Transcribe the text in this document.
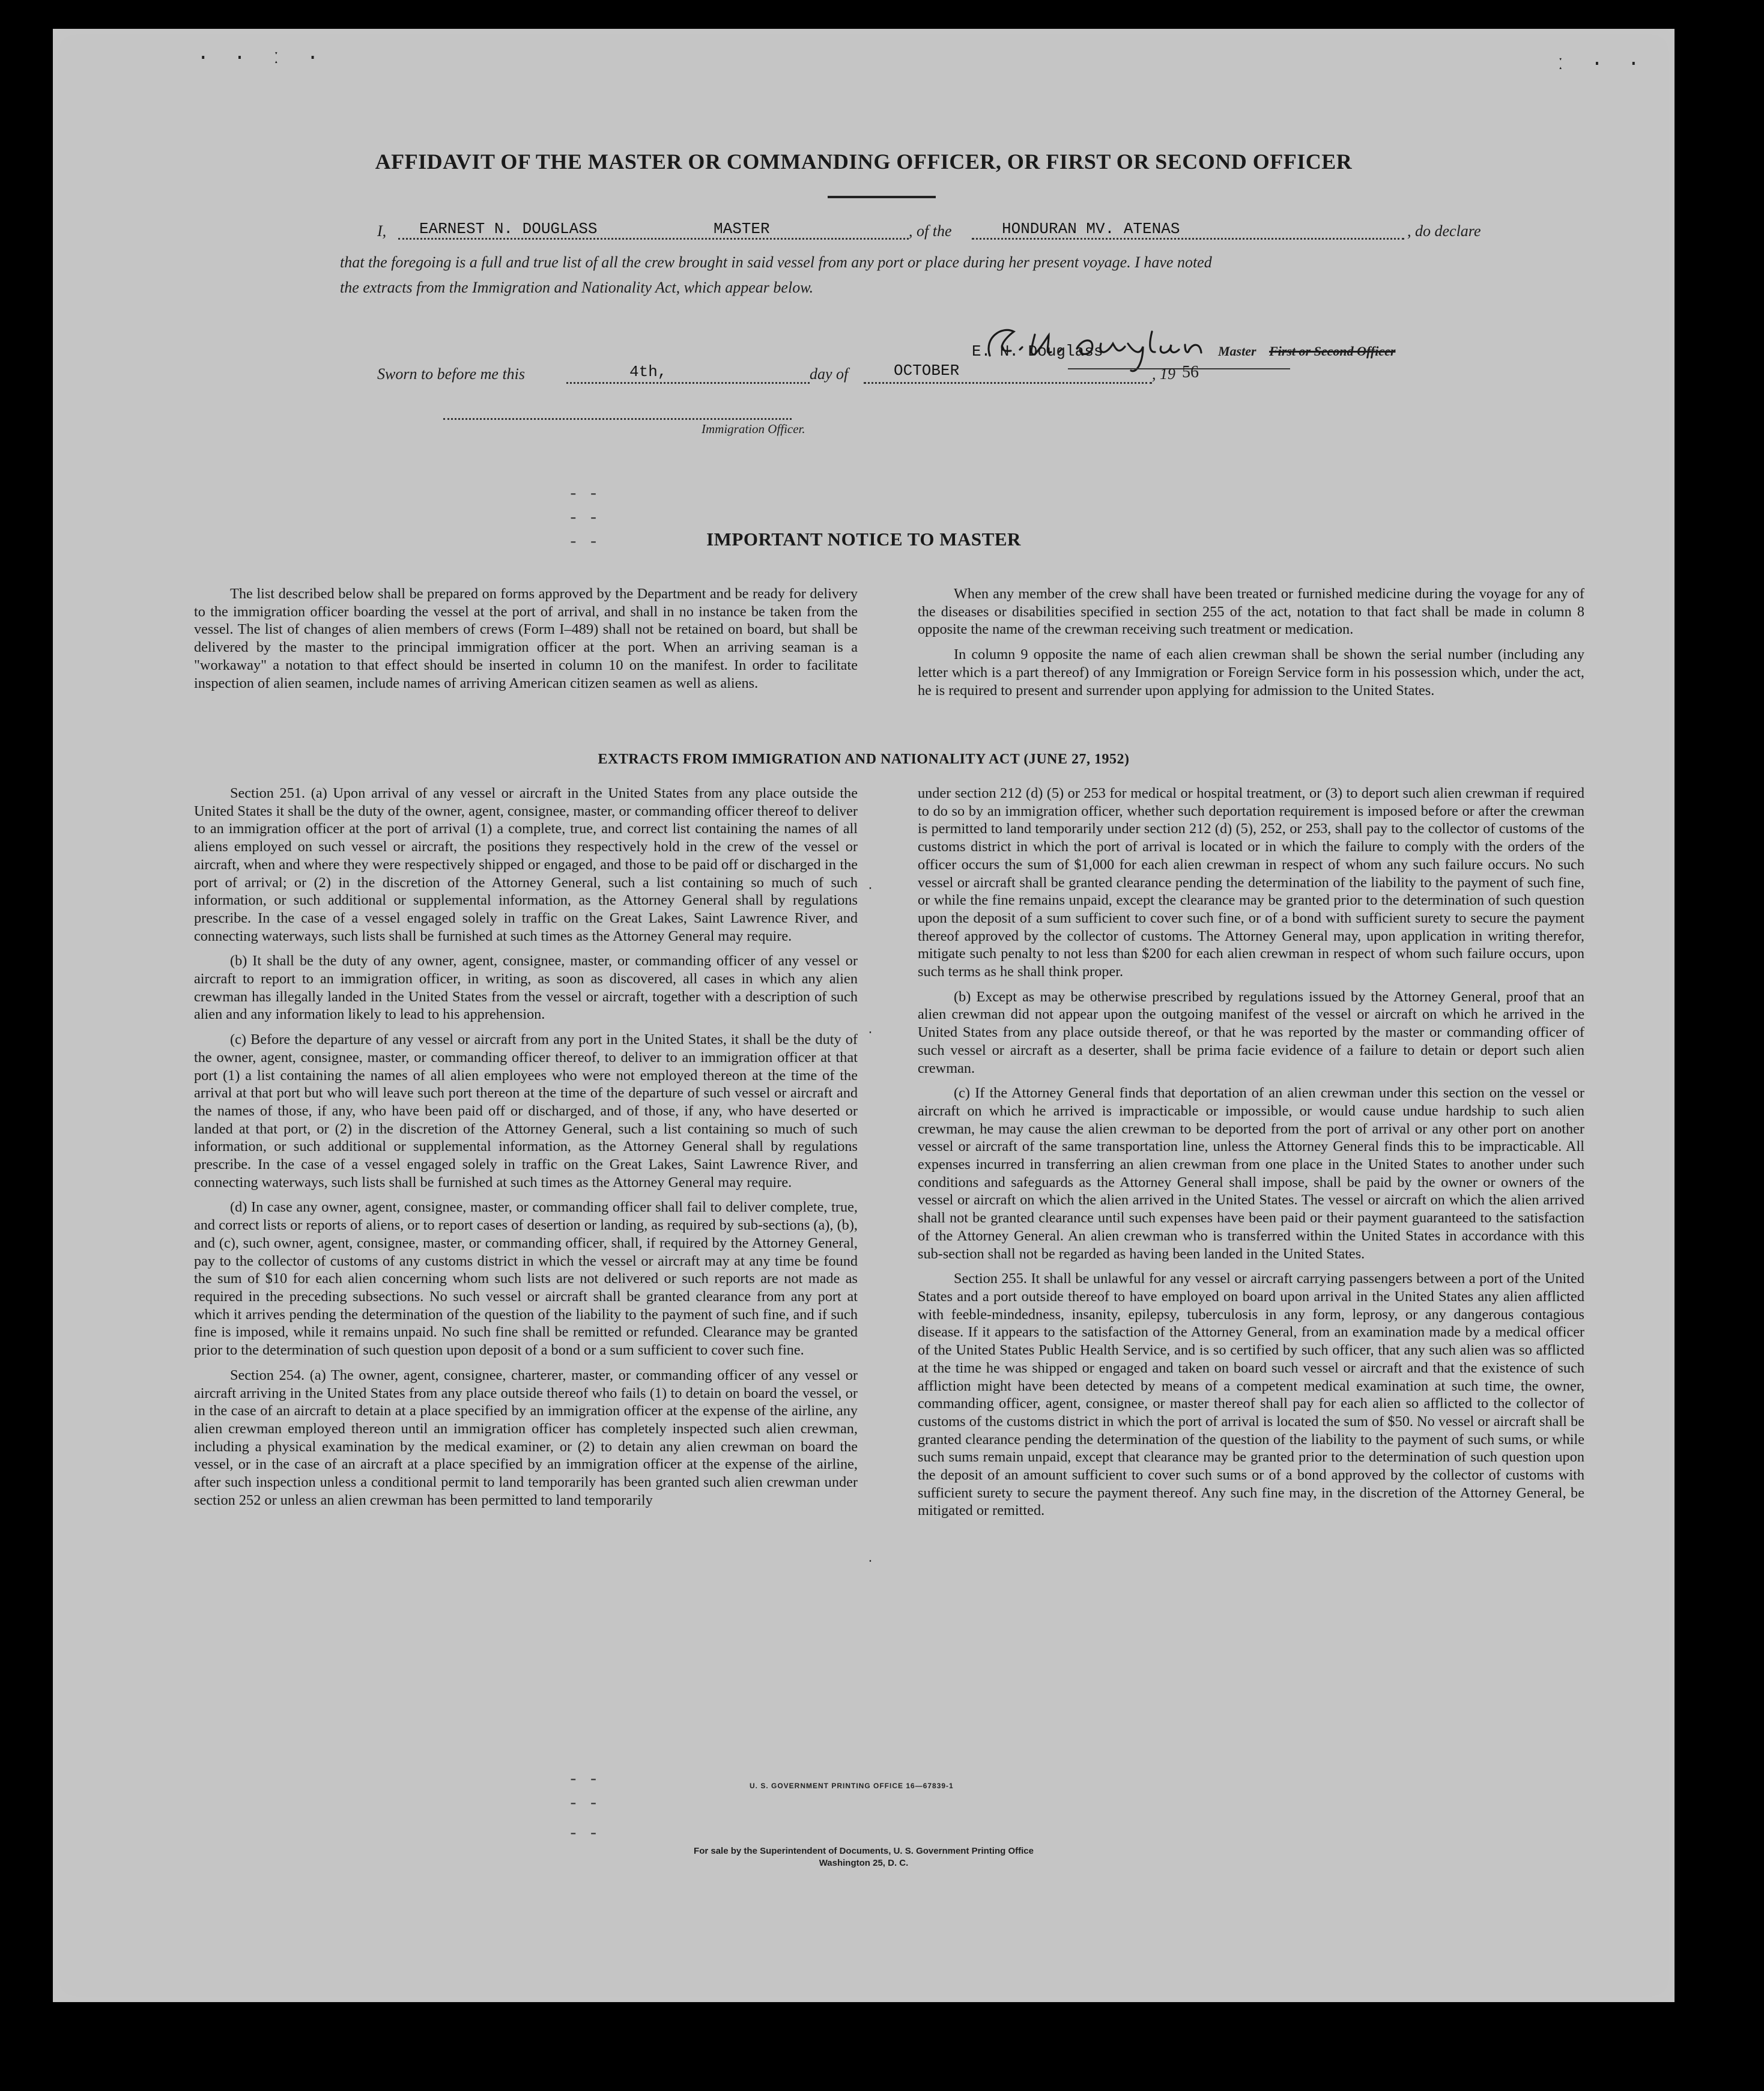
· · ː ·	ː · ·
AFFIDAVIT OF THE MASTER OR COMMANDING OFFICER, OR FIRST OR SECOND OFFICER
I, EARNEST N. DOUGLASS	MASTER	, of the	HONDURAN MV. ATENAS	, do declare
that the foregoing is a full and true list of all the crew brought in said vessel from any port or place during her present voyage. I have noted
the extracts from the Immigration and Nationality Act, which appear below.
E. N. Douglass	Master First or Second Officer
Sworn to before me this	4th,	day of	OCTOBER	, 19 56
Immigration Officer.
- -
- -
- -	IMPORTANT NOTICE TO MASTER

The list described below shall be prepared on forms approved by the Department and be ready for delivery to the immigration officer boarding the vessel at the port of arrival, and shall in no instance be taken from the vessel. The list of changes of alien members of crews (Form I–489) shall not be retained on board, but shall be delivered by the master to the principal immigration officer at the port. When an arriving seaman is a "workaway" a notation to that effect should be inserted in column 10 on the manifest. In order to facilitate inspection of alien seamen, include names of arriving American citizen seamen as well as aliens.

When any member of the crew shall have been treated or furnished medicine during the voyage for any of the diseases or disabilities specified in section 255 of the act, notation to that fact shall be made in column 8 opposite the name of the crewman receiving such treatment or medication.

In column 9 opposite the name of each alien crewman shall be shown the serial number (including any letter which is a part thereof) of any Immigration or Foreign Service form in his possession which, under the act, he is required to present and surrender upon applying for admission to the United States.

EXTRACTS FROM IMMIGRATION AND NATIONALITY ACT (JUNE 27, 1952)

Section 251. (a) Upon arrival of any vessel or aircraft in the United States from any place outside the United States it shall be the duty of the owner, agent, consignee, master, or commanding officer thereof to deliver to an immigration officer at the port of arrival (1) a complete, true, and correct list containing the names of all aliens employed on such vessel or aircraft, the positions they respectively hold in the crew of the vessel or aircraft, when and where they were respectively shipped or engaged, and those to be paid off or discharged in the port of arrival; or (2) in the discretion of the Attorney General, such a list containing so much of such information, or such additional or supplemental information, as the Attorney General shall by regulations prescribe. In the case of a vessel engaged solely in traffic on the Great Lakes, Saint Lawrence River, and connecting waterways, such lists shall be furnished at such times as the Attorney General may require.

(b) It shall be the duty of any owner, agent, consignee, master, or commanding officer of any vessel or aircraft to report to an immigration officer, in writing, as soon as discovered, all cases in which any alien crewman has illegally landed in the United States from the vessel or aircraft, together with a description of such alien and any information likely to lead to his apprehension.

(c) Before the departure of any vessel or aircraft from any port in the United States, it shall be the duty of the owner, agent, consignee, master, or commanding officer thereof, to deliver to an immigration officer at that port (1) a list containing the names of all alien employees who were not employed thereon at the time of the arrival at that port but who will leave such port thereon at the time of the departure of such vessel or aircraft and the names of those, if any, who have been paid off or discharged, and of those, if any, who have deserted or landed at that port, or (2) in the discretion of the Attorney General, such a list containing so much of such information, or such additional or supplemental information, as the Attorney General shall by regulations prescribe. In the case of a vessel engaged solely in traffic on the Great Lakes, Saint Lawrence River, and connecting waterways, such lists shall be furnished at such times as the Attorney General may require.

(d) In case any owner, agent, consignee, master, or commanding officer shall fail to deliver complete, true, and correct lists or reports of aliens, or to report cases of desertion or landing, as required by sub-sections (a), (b), and (c), such owner, agent, consignee, master, or commanding officer, shall, if required by the Attorney General, pay to the collector of customs of any customs district in which the vessel or aircraft may at any time be found the sum of $10 for each alien concerning whom such lists are not delivered or such reports are not made as required in the preceding subsections. No such vessel or aircraft shall be granted clearance from any port at which it arrives pending the determination of the question of the liability to the payment of such fine, and if such fine is imposed, while it remains unpaid. No such fine shall be remitted or refunded. Clearance may be granted prior to the determination of such question upon deposit of a bond or a sum sufficient to cover such fine.

Section 254. (a) The owner, agent, consignee, charterer, master, or commanding officer of any vessel or aircraft arriving in the United States from any place outside thereof who fails (1) to detain on board the vessel, or in the case of an aircraft to detain at a place specified by an immigration officer at the expense of the airline, any alien crewman employed thereon until an immigration officer has completely inspected such alien crewman, including a physical examination by the medical examiner, or (2) to detain any alien crewman on board the vessel, or in the case of an aircraft at a place specified by an immigration officer at the expense of the airline, after such inspection unless a conditional permit to land temporarily has been granted such alien crewman under section 252 or unless an alien crewman has been permitted to land temporarily

under section 212 (d) (5) or 253 for medical or hospital treatment, or (3) to deport such alien crewman if required to do so by an immigration officer, whether such deportation requirement is imposed before or after the crewman is permitted to land temporarily under section 212 (d) (5), 252, or 253, shall pay to the collector of customs of the customs district in which the port of arrival is located or in which the failure to comply with the orders of the officer occurs the sum of $1,000 for each alien crewman in respect of whom any such failure occurs. No such vessel or aircraft shall be granted clearance pending the determination of the liability to the payment of such fine, or while the fine remains unpaid, except the clearance may be granted prior to the determination of such question upon the deposit of a sum sufficient to cover such fine, or of a bond with sufficient surety to secure the payment thereof approved by the collector of customs. The Attorney General may, upon application in writing therefor, mitigate such penalty to not less than $200 for each alien crewman in respect of whom such failure occurs, upon such terms as he shall think proper.

(b) Except as may be otherwise prescribed by regulations issued by the Attorney General, proof that an alien crewman did not appear upon the outgoing manifest of the vessel or aircraft on which he arrived in the United States from any place outside thereof, or that he was reported by the master or commanding officer of such vessel or aircraft as a deserter, shall be prima facie evidence of a failure to detain or deport such alien crewman.

(c) If the Attorney General finds that deportation of an alien crewman under this section on the vessel or aircraft on which he arrived is impracticable or impossible, or would cause undue hardship to such alien crewman, he may cause the alien crewman to be deported from the port of arrival or any other port on another vessel or aircraft of the same transportation line, unless the Attorney General finds this to be impracticable. All expenses incurred in transferring an alien crewman from one place in the United States to another under such conditions and safeguards as the Attorney General shall impose, shall be paid by the owner or owners of the vessel or aircraft on which the alien arrived in the United States. The vessel or aircraft on which the alien arrived shall not be granted clearance until such expenses have been paid or their payment guaranteed to the satisfaction of the Attorney General. An alien crewman who is transferred within the United States in accordance with this sub-section shall not be regarded as having been landed in the United States.

Section 255. It shall be unlawful for any vessel or aircraft carrying passengers between a port of the United States and a port outside thereof to have employed on board upon arrival in the United States any alien afflicted with feeble-mindedness, insanity, epilepsy, tuberculosis in any form, leprosy, or any dangerous contagious disease. If it appears to the satisfaction of the Attorney General, from an examination made by a medical officer of the United States Public Health Service, and is so certified by such officer, that any such alien was so afflicted at the time he was shipped or engaged and taken on board such vessel or aircraft and that the existence of such affliction might have been detected by means of a competent medical examination at such time, the owner, commanding officer, agent, consignee, or master thereof shall pay for each alien so afflicted to the collector of customs of the customs district in which the port of arrival is located the sum of $50. No vessel or aircraft shall be granted clearance pending the determination of the question of the liability to the payment of such sums, or while such sums remain unpaid, except that clearance may be granted prior to the determination of such question upon the deposit of an amount sufficient to cover such sums or of a bond approved by the collector of customs with sufficient surety to secure the payment thereof. Any such fine may, in the discretion of the Attorney General, be mitigated or remitted.

·
·
·
U. S. GOVERNMENT PRINTING OFFICE 16—67839-1
- -
- -
- -
For sale by the Superintendent of Documents, U. S. Government Printing Office
Washington 25, D. C.
